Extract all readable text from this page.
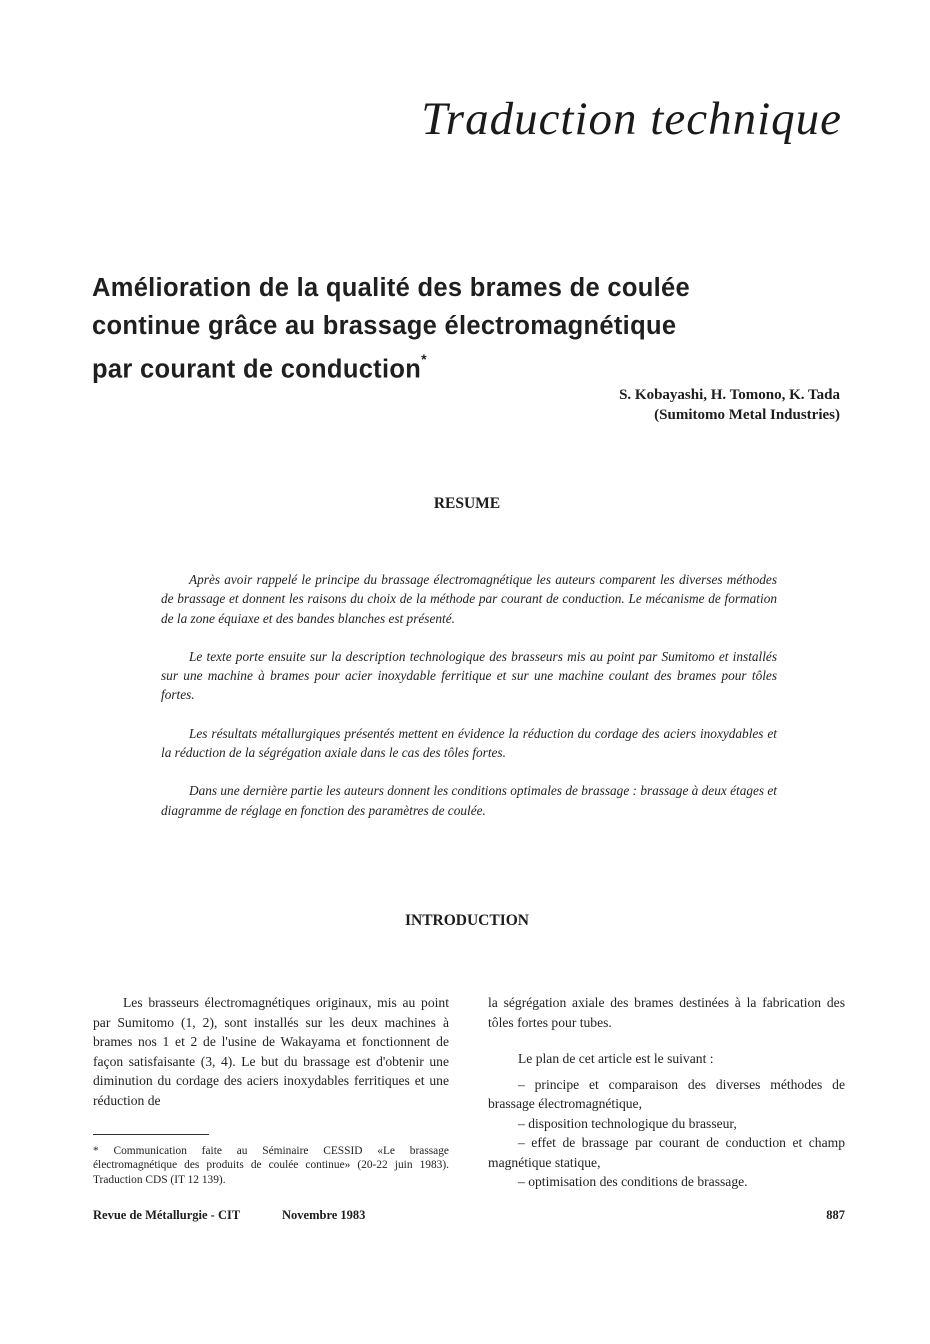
Traduction technique
Amélioration de la qualité des brames de coulée
continue grâce au brassage électromagnétique
par courant de conduction*
S. Kobayashi, H. Tomono, K. Tada
(Sumitomo Metal Industries)
RESUME

Après avoir rappelé le principe du brassage électromagnétique les auteurs comparent les diverses méthodes de brassage et donnent les raisons du choix de la méthode par courant de conduction. Le mécanisme de formation de la zone équiaxe et des bandes blanches est présenté.

Le texte porte ensuite sur la description technologique des brasseurs mis au point par Sumitomo et installés sur une machine à brames pour acier inoxydable ferritique et sur une machine coulant des brames pour tôles fortes.

Les résultats métallurgiques présentés mettent en évidence la réduction du cordage des aciers inoxydables et la réduction de la ségrégation axiale dans le cas des tôles fortes.

Dans une dernière partie les auteurs donnent les conditions optimales de brassage : brassage à deux étages et diagramme de réglage en fonction des paramètres de coulée.

INTRODUCTION

Les brasseurs électromagnétiques originaux, mis au point par Sumitomo (1, 2), sont installés sur les deux machines à brames nos 1 et 2 de l'usine de Wakayama et fonctionnent de façon satisfaisante (3, 4). Le but du brassage est d'obtenir une diminution du cordage des aciers inoxydables ferritiques et une réduction de

* Communication faite au Séminaire CESSID «Le brassage électromagnétique des produits de coulée continue» (20-22 juin 1983). Traduction CDS (IT 12 139).

la ségrégation axiale des brames destinées à la fabrication des tôles fortes pour tubes.

Le plan de cet article est le suivant :

– principe et comparaison des diverses méthodes de brassage électromagnétique,

– disposition technologique du brasseur,

– effet de brassage par courant de conduction et champ magnétique statique,

– optimisation des conditions de brassage.

Revue de Métallurgie - CIT	Novembre 1983	887
